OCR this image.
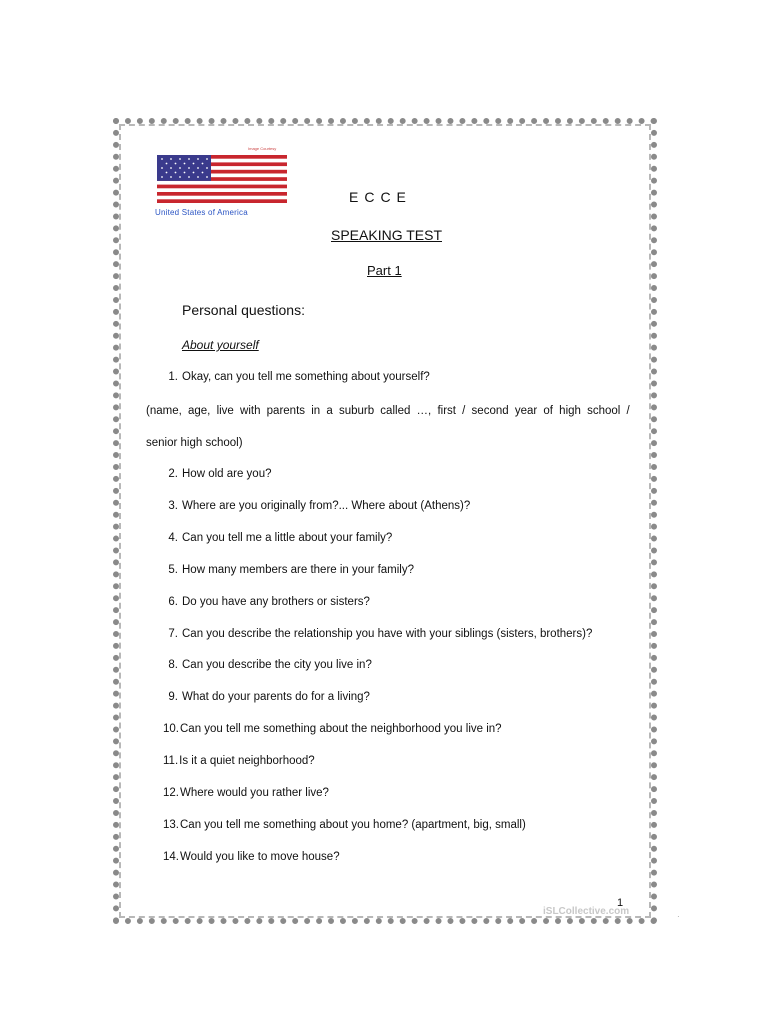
Image Courtesy
United States of America
ECCE
SPEAKING TEST
Part 1
Personal questions:
About yourself
1. Okay, can you tell me something about yourself?
(name, age, live with parents in a suburb called …, first / second year of high school /
senior high school)
2. How old are you?
3. Where are you originally from?... Where about (Athens)?
4. Can you tell me a little about your family?
5. How many members are there in your family?
6. Do you have any brothers or sisters?
7. Can you describe the relationship you have with your siblings (sisters, brothers)?
8. Can you describe the city you live in?
9. What do your parents do for a living?
10.Can you tell me something about the neighborhood you live in?
11.Is it a quiet neighborhood?
12.Where would you rather live?
13.Can you tell me something about you home? (apartment, big, small)
14.Would you like to move house?
1
iSLCollective.com	·
